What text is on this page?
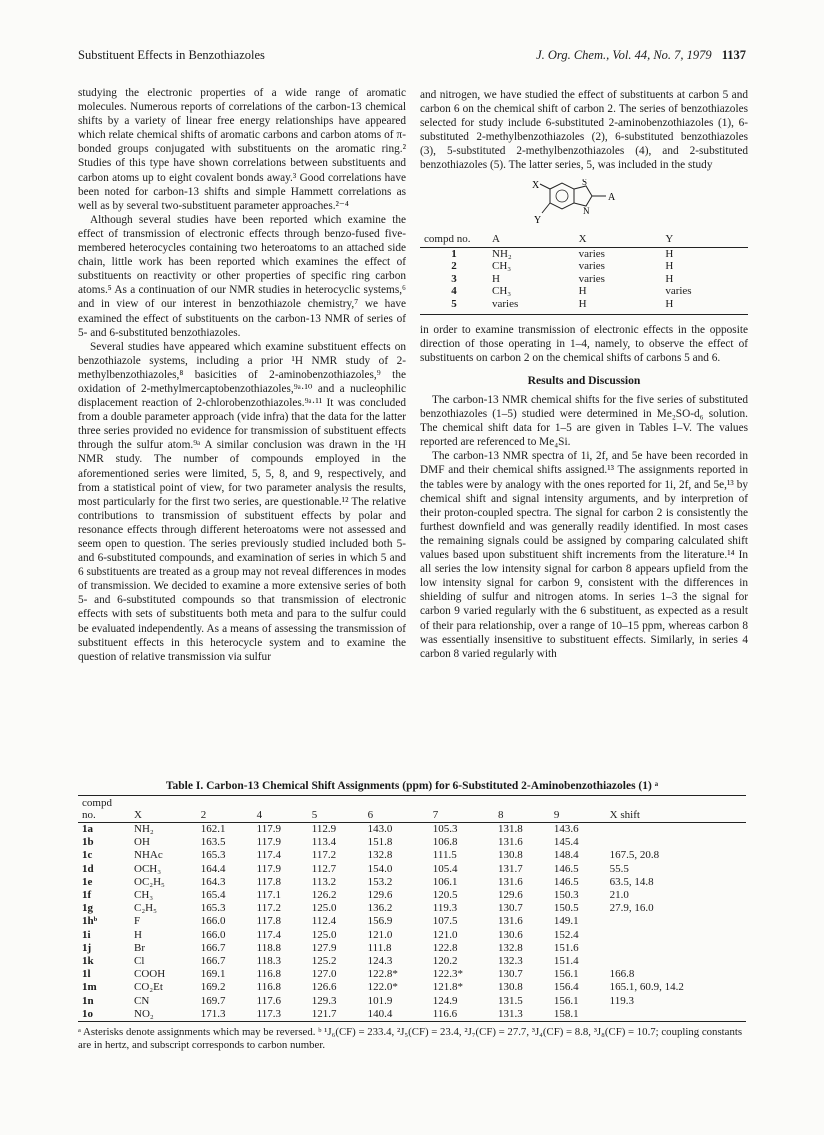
Substituent Effects in Benzothiazoles	J. Org. Chem., Vol. 44, No. 7, 1979 1137

studying the electronic properties of a wide range of aromatic molecules. Numerous reports of correlations of the carbon-13 chemical shifts by a variety of linear free energy relationships have appeared which relate chemical shifts of aromatic carbons and carbon atoms of π-bonded groups conjugated with substituents on the aromatic ring.² Studies of this type have shown correlations between substituents and carbon atoms up to eight covalent bonds away.³ Good correlations have been noted for carbon-13 shifts and simple Hammett correlations as well as by several two-substituent parameter approaches.²⁻⁴

Although several studies have been reported which examine the effect of transmission of electronic effects through benzo-fused five-membered heterocycles containing two heteroatoms to an attached side chain, little work has been reported which examines the effect of substituents on reactivity or other properties of specific ring carbon atoms.⁵ As a continuation of our NMR studies in heterocyclic systems,⁶ and in view of our interest in benzothiazole chemistry,⁷ we have examined the effect of substituents on the carbon-13 NMR of series of 5- and 6-substituted benzothiazoles.

Several studies have appeared which examine substituent effects on benzothiazole systems, including a prior ¹H NMR study of 2-methylbenzothiazoles,⁸ basicities of 2-aminobenzothiazoles,⁹ the oxidation of 2-methylmercaptobenzothiazoles,⁹ᵃ·¹⁰ and a nucleophilic displacement reaction of 2-chlorobenzothiazoles.⁹ᵃ·¹¹ It was concluded from a double parameter approach (vide infra) that the data for the latter three series provided no evidence for transmission of substituent effects through the sulfur atom.⁹ᵃ A similar conclusion was drawn in the ¹H NMR study. The number of compounds employed in the aforementioned series were limited, 5, 5, 8, and 9, respectively, and from a statistical point of view, for two parameter analysis the results, most particularly for the first two series, are questionable.¹² The relative contributions to transmission of substituent effects by polar and resonance effects through different heteroatoms were not assessed and seem open to question. The series previously studied included both 5- and 6-substituted compounds, and examination of series in which 5 and 6 substituents are treated as a group may not reveal differences in modes of transmission. We decided to examine a more extensive series of both 5- and 6-substituted compounds so that transmission of electronic effects with sets of substituents both meta and para to the sulfur could be evaluated independently. As a means of assessing the transmission of substituent effects in this heterocycle system and to examine the question of relative transmission via sulfur

and nitrogen, we have studied the effect of substituents at carbon 5 and carbon 6 on the chemical shift of carbon 2. The series of benzothiazoles selected for study include 6-substituted 2-aminobenzothiazoles (1), 6-substituted 2-methylbenzothiazoles (2), 6-substituted benzothiazoles (3), 5-substituted 2-methylbenzothiazoles (4), and 2-substituted benzothiazoles (5). The latter series, 5, was included in the study

X
Y
A
S
N
compd no.	A	X	Y
1	NH₂	varies	H
2	CH₃	varies	H
3	H	varies	H
4	CH₃	H	varies
5	varies	H	H

in order to examine transmission of electronic effects in the opposite direction of those operating in 1–4, namely, to observe the effect of substituents on carbon 2 on the chemical shifts of carbons 5 and 6.

Results and Discussion

The carbon-13 NMR chemical shifts for the five series of substituted benzothiazoles (1–5) studied were determined in Me₂SO-d₆ solution. The chemical shift data for 1–5 are given in Tables I–V. The values reported are referenced to Me₄Si.

The carbon-13 NMR spectra of 1i, 2f, and 5e have been recorded in DMF and their chemical shifts assigned.¹³ The assignments reported in the tables were by analogy with the ones reported for 1i, 2f, and 5e,¹³ by chemical shift and signal intensity arguments, and by interpretion of their proton-coupled spectra. The signal for carbon 2 is consistently the furthest downfield and was generally readily identified. In most cases the remaining signals could be assigned by comparing calculated shift values based upon substituent shift increments from the literature.¹⁴ In all series the low intensity signal for carbon 8 appears upfield from the low intensity signal for carbon 9, consistent with the differences in shielding of sulfur and nitrogen atoms. In series 1–3 the signal for carbon 9 varied regularly with the 6 substituent, as expected as a result of their para relationship, over a range of 10–15 ppm, whereas carbon 8 was essentially insensitive to substituent effects. Similarly, in series 4 carbon 8 varied regularly with

Table I. Carbon-13 Chemical Shift Assignments (ppm) for 6-Substituted 2-Aminobenzothiazoles (1) ᵃ
compd no.	X	2	4	5	6	7	8	9	X shift
1a	NH₂	162.1	117.9	112.9	143.0	105.3	131.8	143.6	
1b	OH	163.5	117.9	113.4	151.8	106.8	131.6	145.4	
1c	NHAc	165.3	117.4	117.2	132.8	111.5	130.8	148.4	167.5, 20.8
1d	OCH₃	164.4	117.9	112.7	154.0	105.4	131.7	146.5	55.5
1e	OC₂H₅	164.3	117.8	113.2	153.2	106.1	131.6	146.5	63.5, 14.8
1f	CH₃	165.4	117.1	126.2	129.6	120.5	129.6	150.3	21.0
1g	C₂H₅	165.3	117.2	125.0	136.2	119.3	130.7	150.5	27.9, 16.0
1hᵇ	F	166.0	117.8	112.4	156.9	107.5	131.6	149.1	
1i	H	166.0	117.4	125.0	121.0	121.0	130.6	152.4	
1j	Br	166.7	118.8	127.9	111.8	122.8	132.8	151.6	
1k	Cl	166.7	118.3	125.2	124.3	120.2	132.3	151.4	
1l	COOH	169.1	116.8	127.0	122.8*	122.3*	130.7	156.1	166.8
1m	CO₂Et	169.2	116.8	126.6	122.0*	121.8*	130.8	156.4	165.1, 60.9, 14.2
1n	CN	169.7	117.6	129.3	101.9	124.9	131.5	156.1	119.3
1o	NO₂	171.3	117.3	121.7	140.4	116.6	131.3	158.1	
ᵃ Asterisks denote assignments which may be reversed. ᵇ ¹J₆(CF) = 233.4, ²J₅(CF) = 23.4, ²J₇(CF) = 27.7, ³J₄(CF) = 8.8, ³J₈(CF) = 10.7; coupling constants are in hertz, and subscript corresponds to carbon number.
